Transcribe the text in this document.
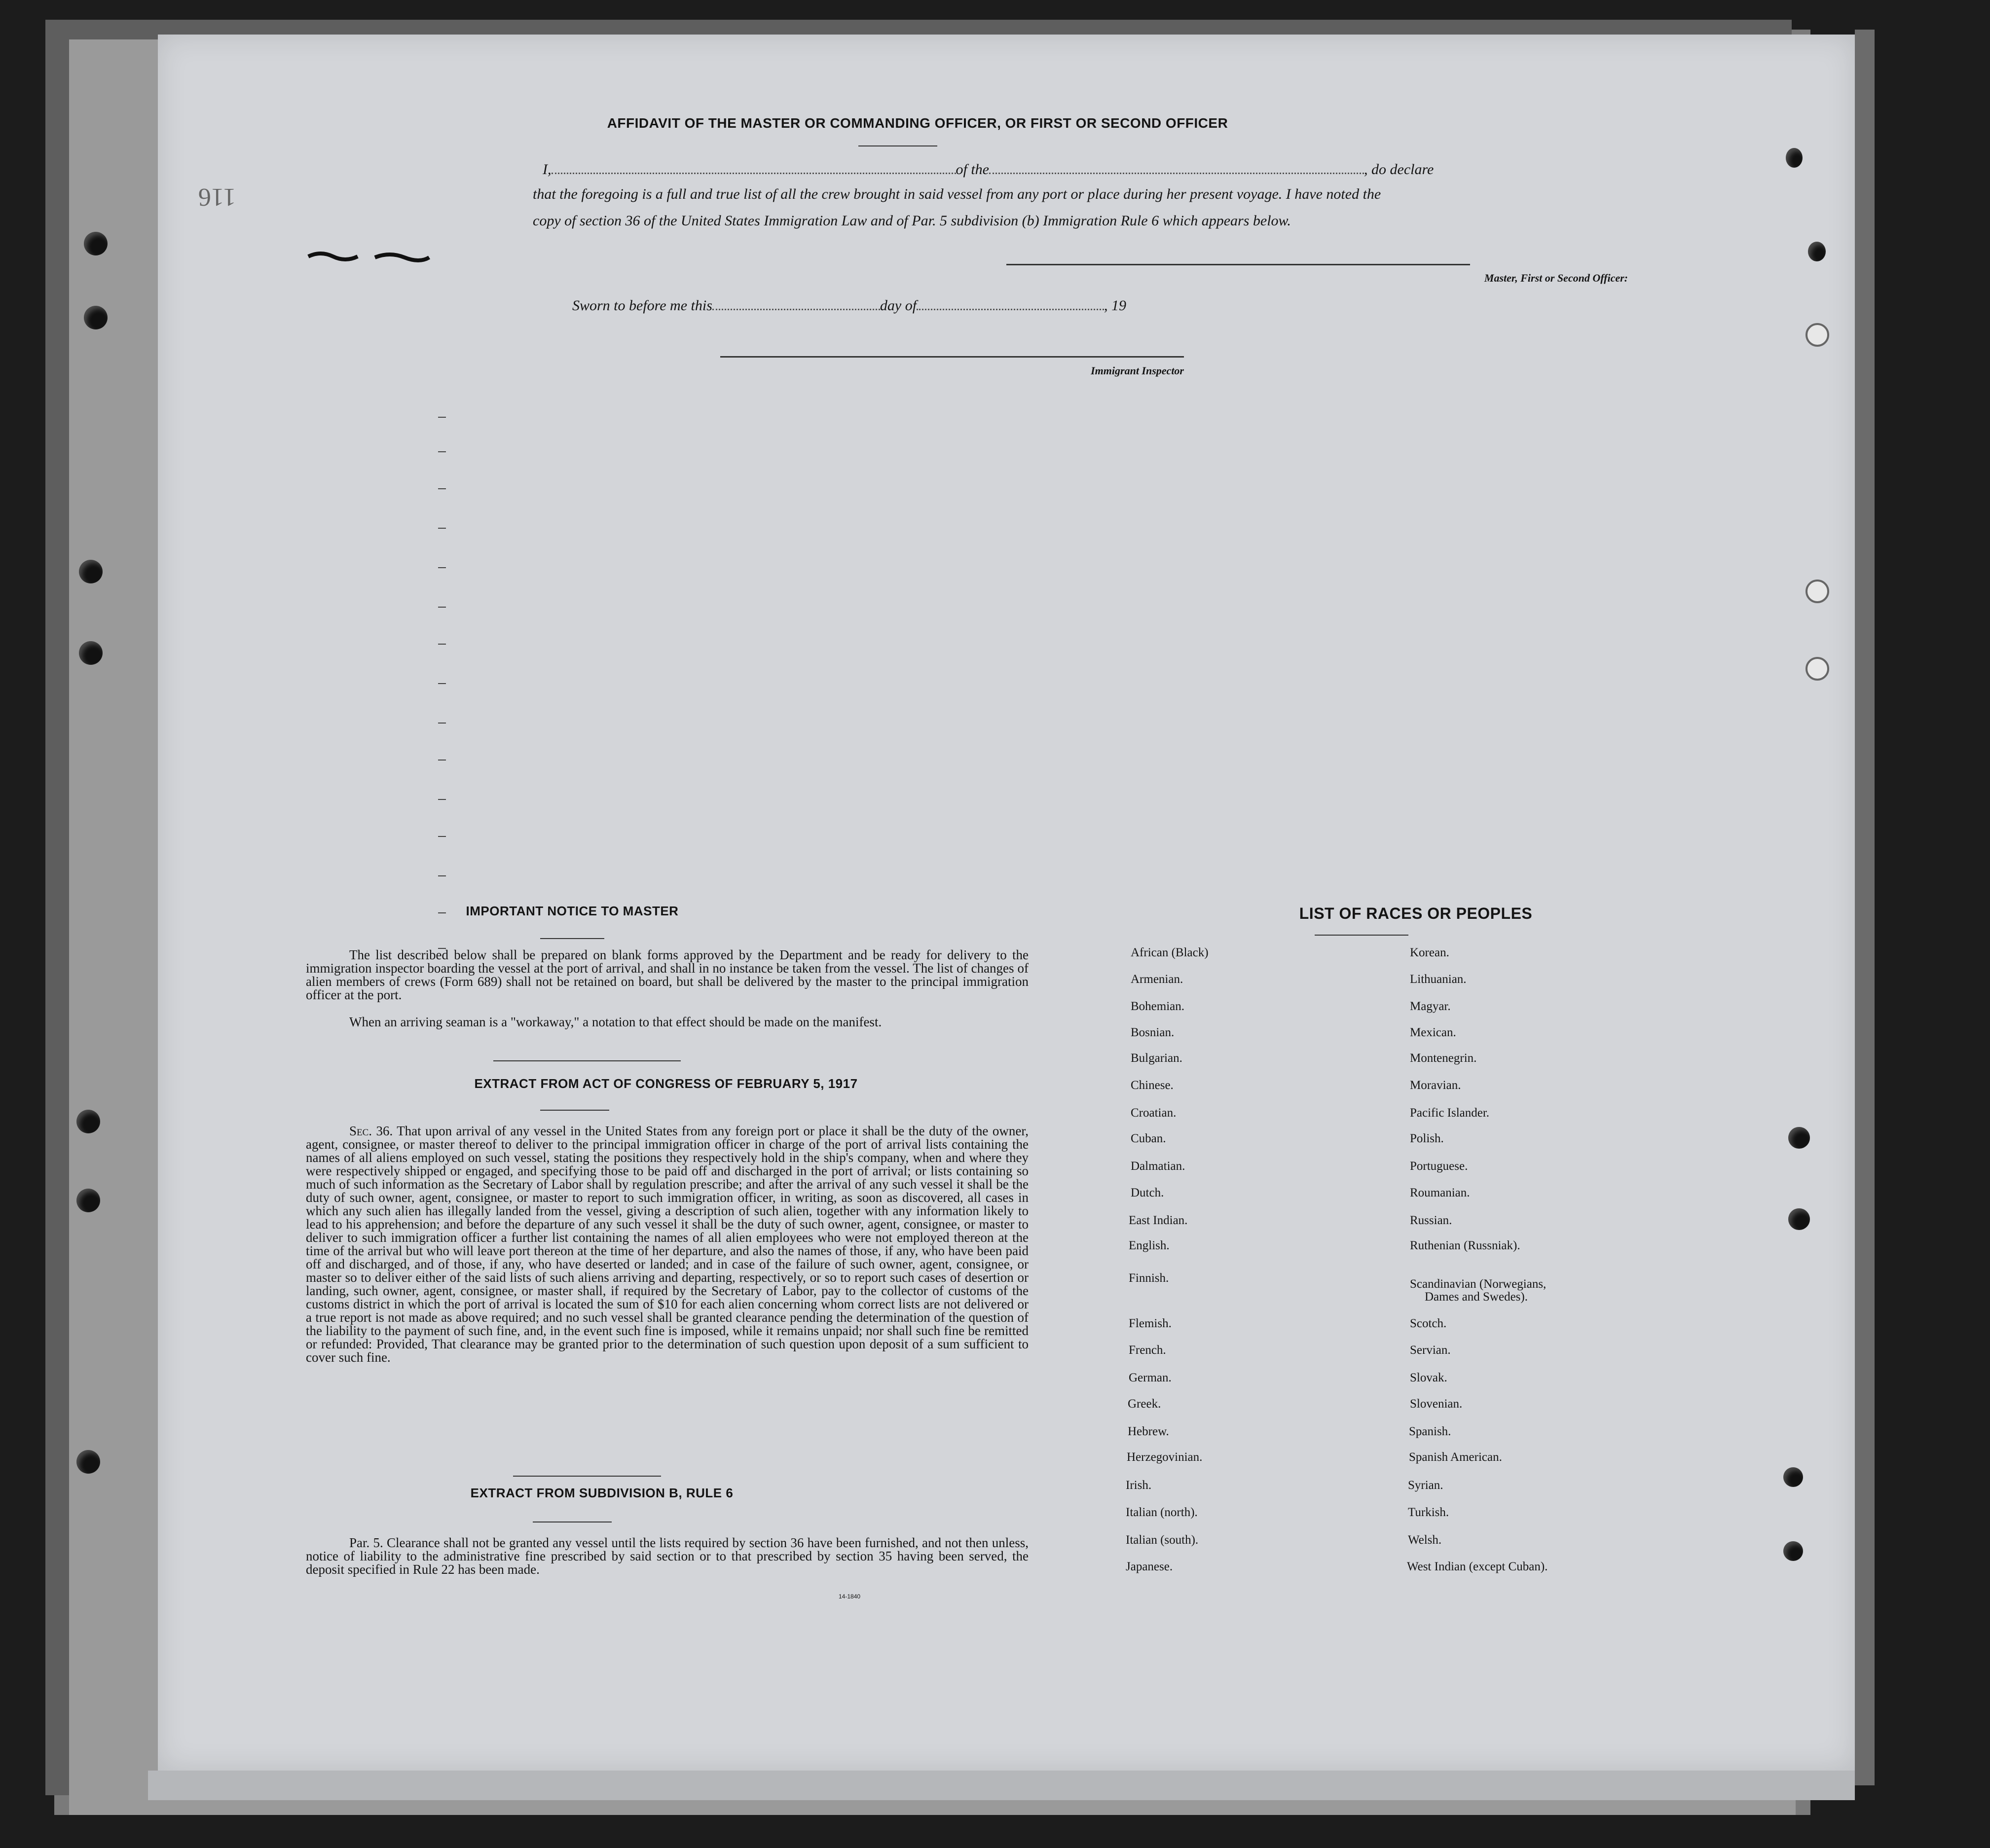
116
AFFIDAVIT OF THE MASTER OR COMMANDING OFFICER, OR FIRST OR SECOND OFFICER
I,	of the	, do declare
that the foregoing is a full and true list of all the crew brought in said vessel from any port or place during her present voyage. I have noted the
copy of section 36 of the United States Immigration Law and of Par. 5 subdivision (b) Immigration Rule 6 which appears below.
Master, First or Second Officer:
Sworn to before me this	day of	, 19
Immigrant Inspector
IMPORTANT NOTICE TO MASTER
The list described below shall be prepared on blank forms approved by the Department and be ready for delivery to the immigration inspector boarding the vessel at the port of arrival, and shall in no instance be taken from the vessel. The list of changes of alien members of crews (Form 689) shall not be retained on board, but shall be delivered by the master to the principal immigration officer at the port.
When an arriving seaman is a "workaway," a notation to that effect should be made on the manifest.
EXTRACT FROM ACT OF CONGRESS OF FEBRUARY 5, 1917
Sec. 36. That upon arrival of any vessel in the United States from any foreign port or place it shall be the duty of the owner, agent, consignee, or master thereof to deliver to the principal immigration officer in charge of the port of arrival lists containing the names of all aliens employed on such vessel, stating the positions they respectively hold in the ship's company, when and where they were respectively shipped or engaged, and specifying those to be paid off and discharged in the port of arrival; or lists containing so much of such information as the Secretary of Labor shall by regulation prescribe; and after the arrival of any such vessel it shall be the duty of such owner, agent, consignee, or master to report to such immigration officer, in writing, as soon as discovered, all cases in which any such alien has illegally landed from the vessel, giving a description of such alien, together with any information likely to lead to his apprehension; and before the departure of any such vessel it shall be the duty of such owner, agent, consignee, or master to deliver to such immigration officer a further list containing the names of all alien employees who were not employed thereon at the time of the arrival but who will leave port thereon at the time of her departure, and also the names of those, if any, who have been paid off and discharged, and of those, if any, who have deserted or landed; and in case of the failure of such owner, agent, consignee, or master so to deliver either of the said lists of such aliens arriving and departing, respectively, or so to report such cases of desertion or landing, such owner, agent, consignee, or master shall, if required by the Secretary of Labor, pay to the collector of customs of the customs district in which the port of arrival is located the sum of $10 for each alien concerning whom correct lists are not delivered or a true report is not made as above required; and no such vessel shall be granted clearance pending the determination of the question of the liability to the payment of such fine, and, in the event such fine is imposed, while it remains unpaid; nor shall such fine be remitted or refunded: Provided, That clearance may be granted prior to the determination of such question upon deposit of a sum sufficient to cover such fine.
EXTRACT FROM SUBDIVISION B, RULE 6
Par. 5. Clearance shall not be granted any vessel until the lists required by section 36 have been furnished, and not then unless, notice of liability to the administrative fine prescribed by said section or to that prescribed by section 35 having been served, the deposit specified in Rule 22 has been made.
14-1840
LIST OF RACES OR PEOPLES
African (Black)
Armenian.
Bohemian.
Bosnian.
Bulgarian.
Chinese.
Croatian.
Cuban.
Dalmatian.
Dutch.
East Indian.
English.
Finnish.
Flemish.
French.
German.
Greek.
Hebrew.
Herzegovinian.
Irish.
Italian (north).
Italian (south).
Japanese.
Korean.
Lithuanian.
Magyar.
Mexican.
Montenegrin.
Moravian.
Pacific Islander.
Polish.
Portuguese.
Roumanian.
Russian.
Ruthenian (Russniak).
Scandinavian (Norwegians,
Dames and Swedes).
Scotch.
Servian.
Slovak.
Slovenian.
Spanish.
Spanish American.
Syrian.
Turkish.
Welsh.
West Indian (except Cuban).
